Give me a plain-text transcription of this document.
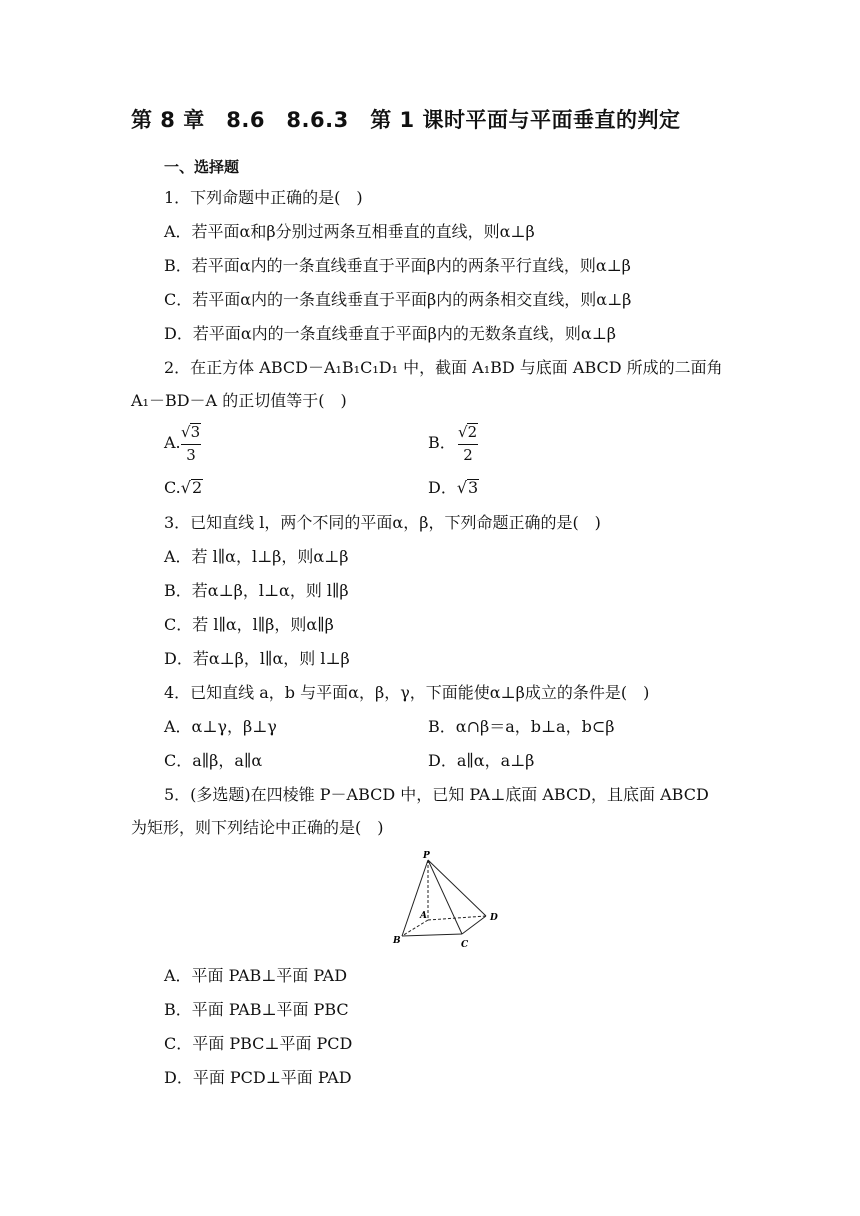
第 8 章　8.6　8.6.3　第 1 课时平面与平面垂直的判定
一、选择题
1．下列命题中正确的是(　)
A．若平面α和β分别过两条互相垂直的直线，则α⊥β
B．若平面α内的一条直线垂直于平面β内的两条平行直线，则α⊥β
C．若平面α内的一条直线垂直于平面β内的两条相交直线，则α⊥β
D．若平面α内的一条直线垂直于平面β内的无数条直线，则α⊥β
2．在正方体 ABCD－A₁B₁C₁D₁ 中，截面 A₁BD 与底面 ABCD 所成的二面角
A₁－BD－A 的正切值等于(　)
A.
√3
3
B．
√2
2
C.√2	D．√3
3．已知直线 l，两个不同的平面α，β，下列命题正确的是(　)
A．若 l∥α，l⊥β，则α⊥β
B．若α⊥β，l⊥α，则 l∥β
C．若 l∥α，l∥β，则α∥β
D．若α⊥β，l∥α，则 l⊥β
4．已知直线 a，b 与平面α，β，γ，下面能使α⊥β成立的条件是(　)
A．α⊥γ，β⊥γ	B．α∩β＝a，b⊥a，b⊂β
C．a∥β，a∥α	D．a∥α，a⊥β
5．(多选题)在四棱锥 P－ABCD 中，已知 PA⊥底面 ABCD，且底面 ABCD
为矩形，则下列结论中正确的是(　)
P
A
B	C
D
A．平面 PAB⊥平面 PAD
B．平面 PAB⊥平面 PBC
C．平面 PBC⊥平面 PCD
D．平面 PCD⊥平面 PAD
